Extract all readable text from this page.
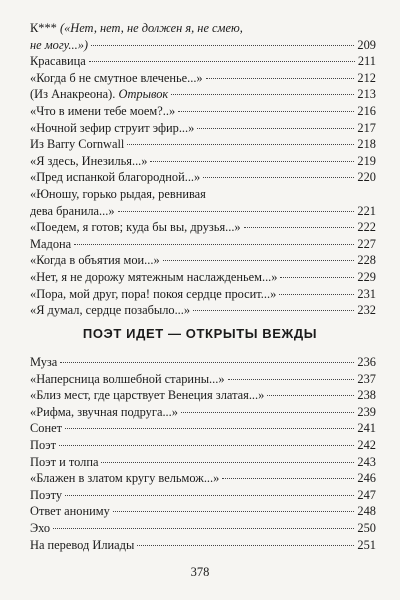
К*** («Нет, нет, не должен я, не смею,
не могу...»)	209
Красавица	211
«Когда б не смутное влеченье...»	212
(Из Анакреона). Отрывок	213
«Что в имени тебе моем?..»	216
«Ночной зефир струит эфир...»	217
Из Barry Cornwall	218
«Я здесь, Инезилья...»	219
«Пред испанкой благородной...»	220
«Юношу, горько рыдая, ревнивая
дева бранила...»	221
«Поедем, я готов; куда бы вы, друзья...»	222
Мадона	227
«Когда в объятия мои...»	228
«Нет, я не дорожу мятежным наслажденьем...»	229
«Пора, мой друг, пора! покоя сердце просит...»	231
«Я думал, сердце позабыло...»	232
ПОЭТ ИДЕТ — ОТКРЫТЫ ВЕЖДЫ
Муза	236
«Наперсница волшебной старины...»	237
«Близ мест, где царствует Венеция златая...»	238
«Рифма, звучная подруга...»	239
Сонет	241
Поэт	242
Поэт и толпа	243
«Блажен в златом кругу вельмож...»	246
Поэту	247
Ответ анониму	248
Эхо	250
На перевод Илиады	251
378
